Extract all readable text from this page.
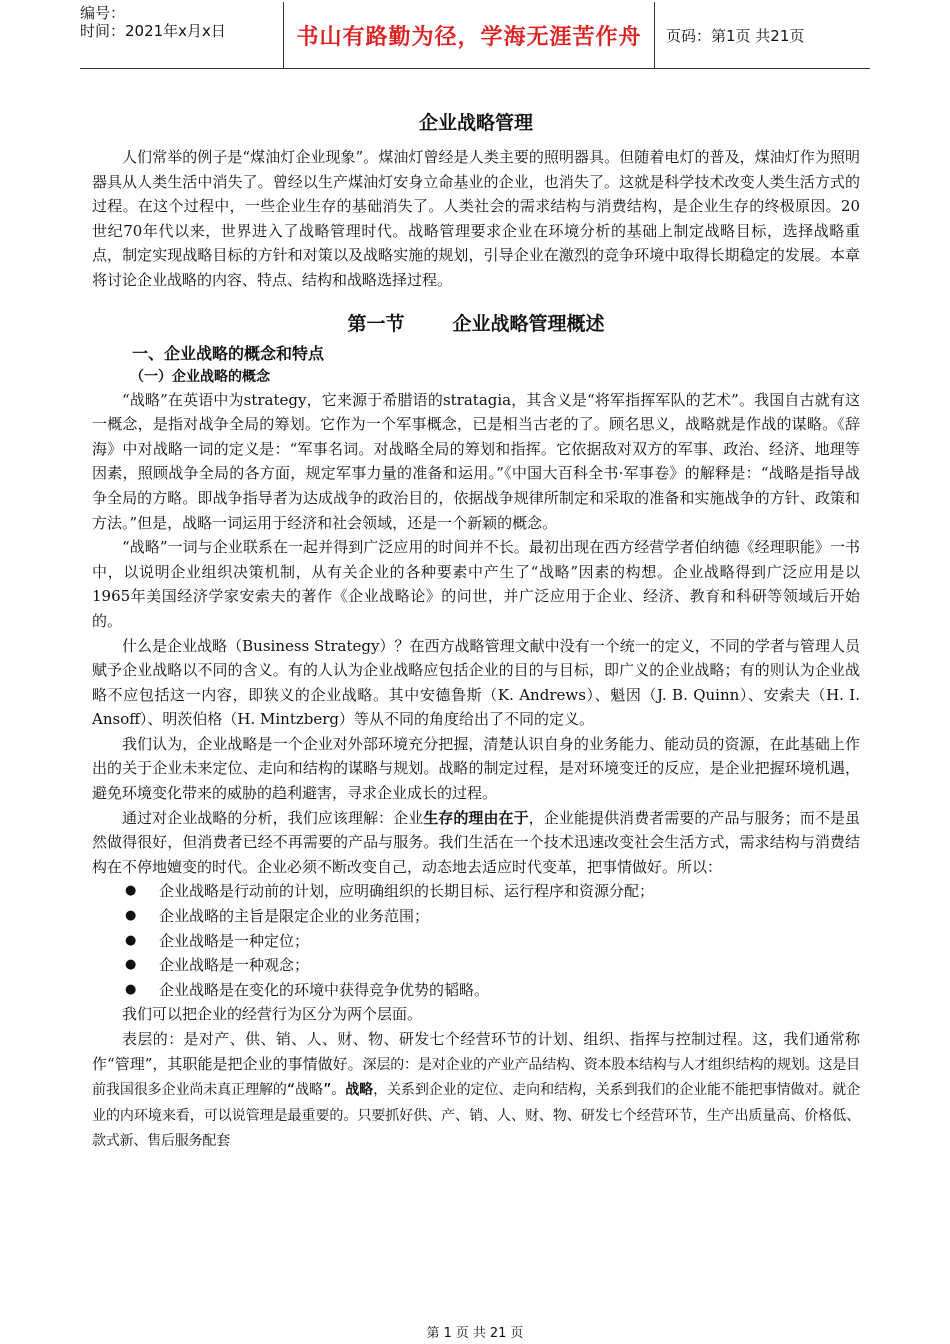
编号：
时间：2021年x月x日	书山有路勤为径，学海无涯苦作舟	页码：第1页 共21页
企业战略管理

人们常举的例子是“煤油灯企业现象”。煤油灯曾经是人类主要的照明器具。但随着电灯的普及，煤油灯作为照明器具从人类生活中消失了。曾经以生产煤油灯安身立命基业的企业，也消失了。这就是科学技术改变人类生活方式的过程。在这个过程中，一些企业生存的基础消失了。人类社会的需求结构与消费结构，是企业生存的终极原因。20世纪70年代以来，世界进入了战略管理时代。战略管理要求企业在环境分析的基础上制定战略目标，选择战略重点，制定实现战略目标的方针和对策以及战略实施的规划，引导企业在激烈的竞争环境中取得长期稳定的发展。本章将讨论企业战略的内容、特点、结构和战略选择过程。

第一节	企业战略管理概述
一、企业战略的概念和特点
（一）企业战略的概念

“战略”在英语中为strategy，它来源于希腊语的stratagia，其含义是“将军指挥军队的艺术”。我国自古就有这一概念，是指对战争全局的筹划。它作为一个军事概念，已是相当古老的了。顾名思义，战略就是作战的谋略。《辞海》中对战略一词的定义是：“军事名词。对战略全局的筹划和指挥。它依据敌对双方的军事、政治、经济、地理等因素，照顾战争全局的各方面，规定军事力量的准备和运用。”《中国大百科全书·军事卷》的解释是：“战略是指导战争全局的方略。即战争指导者为达成战争的政治目的，依据战争规律所制定和采取的准备和实施战争的方针、政策和方法。”但是，战略一词运用于经济和社会领域，还是一个新颖的概念。

“战略”一词与企业联系在一起并得到广泛应用的时间并不长。最初出现在西方经营学者伯纳德《经理职能》一书中，以说明企业组织决策机制，从有关企业的各种要素中产生了“战略”因素的构想。企业战略得到广泛应用是以1965年美国经济学家安索夫的著作《企业战略论》的问世，并广泛应用于企业、经济、教育和科研等领域后开始的。

什么是企业战略（Business Strategy）？在西方战略管理文献中没有一个统一的定义，不同的学者与管理人员赋予企业战略以不同的含义。有的人认为企业战略应包括企业的目的与目标，即广义的企业战略；有的则认为企业战略不应包括这一内容，即狭义的企业战略。其中安德鲁斯（K. Andrews）、魁因（J. B. Quinn）、安索夫（H. I. Ansoff）、明茨伯格（H. Mintzberg）等从不同的角度给出了不同的定义。

我们认为，企业战略是一个企业对外部环境充分把握，清楚认识自身的业务能力、能动员的资源，在此基础上作出的关于企业未来定位、走向和结构的谋略与规划。战略的制定过程，是对环境变迁的反应，是企业把握环境机遇，避免环境变化带来的威胁的趋利避害，寻求企业成长的过程。

通过对企业战略的分析，我们应该理解：企业生存的理由在于，企业能提供消费者需要的产品与服务；而不是虽然做得很好，但消费者已经不再需要的产品与服务。我们生活在一个技术迅速改变社会生活方式，需求结构与消费结构在不停地嬗变的时代。企业必须不断改变自己，动态地去适应时代变革，把事情做好。所以：

● 企业战略是行动前的计划，应明确组织的长期目标、运行程序和资源分配；
● 企业战略的主旨是限定企业的业务范围；
● 企业战略是一种定位；
● 企业战略是一种观念；
● 企业战略是在变化的环境中获得竞争优势的韬略。

我们可以把企业的经营行为区分为两个层面。

表层的：是对产、供、销、人、财、物、研发七个经营环节的计划、组织、指挥与控制过程。这，我们通常称作“管理”，其职能是把企业的事情做好。深层的：是对企业的产业产品结构、资本股本结构与人才组织结构的规划。这是目前我国很多企业尚未真正理解的“战略”。战略，关系到企业的定位、走向和结构，关系到我们的企业能不能把事情做对。就企业的内环境来看，可以说管理是最重要的。只要抓好供、产、销、人、财、物、研发七个经营环节，生产出质量高、价格低、款式新、售后服务配套

第 1 页 共 21 页
